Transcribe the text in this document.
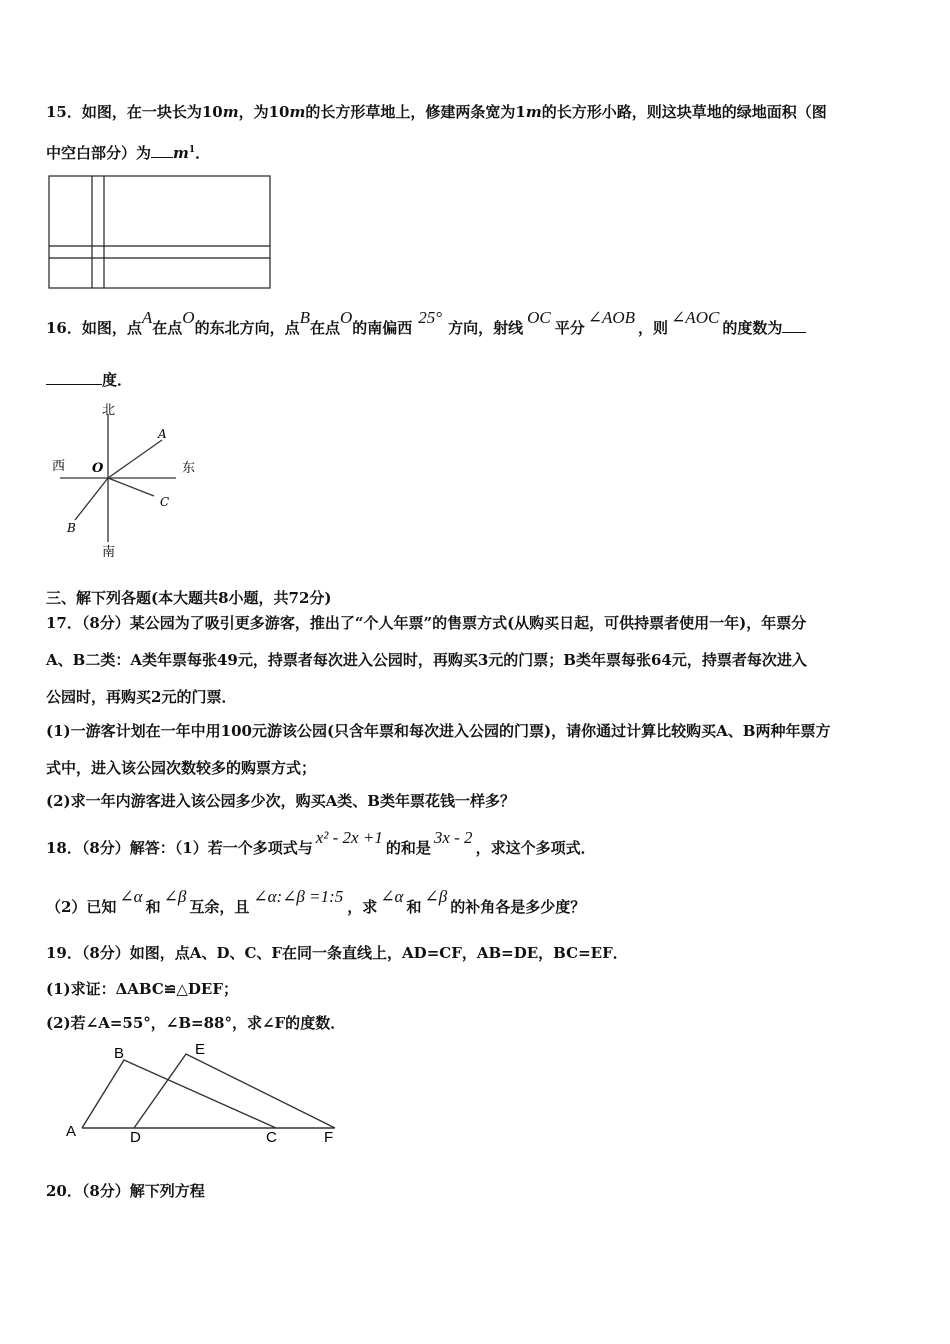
15．如图，在一块长为10m，为10m的长方形草地上，修建两条宽为1m的长方形小路，则这块草地的绿地面积（图
中空白部分）为 $m^1$．
16．如图，点A在点O的东北方向，点B在点O的南偏西25°方向，射线OC平分∠AOB，则∠AOC的度数为
度．
北
南
西	东
O
A
B
C
三、解下列各题(本大题共8小题，共72分)
17．（8分）某公园为了吸引更多游客，推出了“个人年票”的售票方式(从购买日起，可供持票者使用一年)，年票分
A、B二类：A类年票每张49元，持票者每次进入公园时，再购买3元的门票；B类年票每张64元，持票者每次进入
公园时，再购买2元的门票．
(1)一游客计划在一年中用100元游该公园(只含年票和每次进入公园的门票)，请你通过计算比较购买A、B两种年票方
式中，进入该公园次数较多的购票方式；
(2)求一年内游客进入该公园多少次，购买A类、B类年票花钱一样多？
18．（8分）解答：（1）若一个多项式与x² - 2x +1的和是3x - 2，求这个多项式．
（2）已知∠α和∠β互余，且∠α:∠β =1:5，求∠α和∠β的补角各是多少度？
19．（8分）如图，点A、D、C、F在同一条直线上，AD=CF，AB=DE，BC=EF．
(1)求证：ΔABC≌△DEF；
(2)若∠A=55°，∠B=88°，求∠F的度数．
A
B
C
D
E
F
20．（8分）解下列方程
